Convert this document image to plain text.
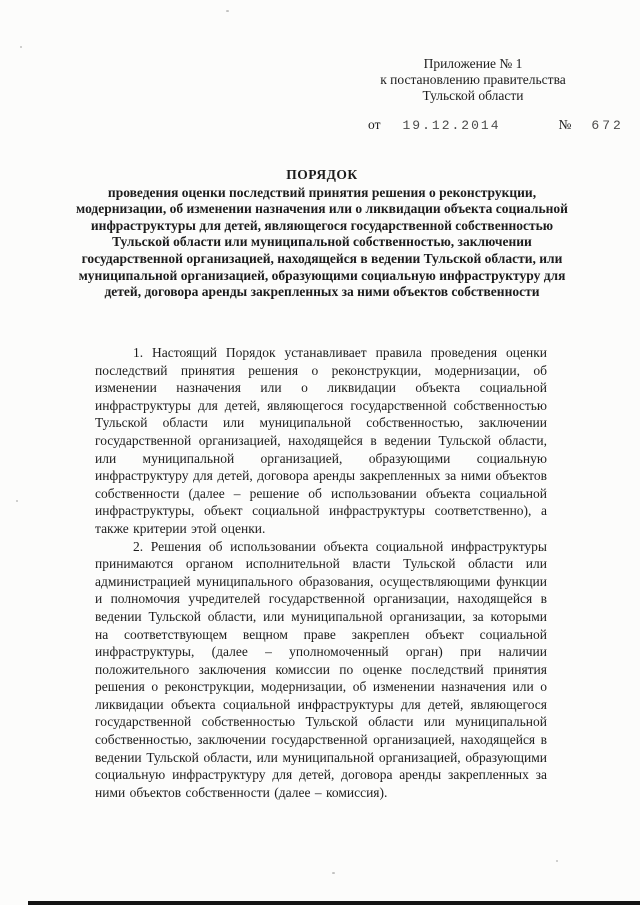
Приложение № 1
к постановлению правительства
Тульской области
от 19.12.2014	№ 672
ПОРЯДОК
проведения оценки последствий принятия решения о реконструкции, модернизации, об изменении назначения или о ликвидации объекта социальной инфраструктуры для детей, являющегося государственной собственностью Тульской области или муниципальной собственностью, заключении государственной организацией, находящейся в ведении Тульской области, или муниципальной организацией, образующими социальную инфраструктуру для детей, договора аренды закрепленных за ними объектов собственности

1. Настоящий Порядок устанавливает правила проведения оценки последствий принятия решения о реконструкции, модернизации, об изменении назначения или о ликвидации объекта социальной инфраструктуры для детей, являющегося государственной собственностью Тульской области или муниципальной собственностью, заключении государственной организацией, находящейся в ведении Тульской области, или муниципальной организацией, образующими социальную инфраструктуру для детей, договора аренды закрепленных за ними объектов собственности (далее – решение об использовании объекта социальной инфраструктуры, объект социальной инфраструктуры соответственно), а также критерии этой оценки.

2. Решения об использовании объекта социальной инфраструктуры принимаются органом исполнительной власти Тульской области или администрацией муниципального образования, осуществляющими функции и полномочия учредителей государственной организации, находящейся в ведении Тульской области, или муниципальной организации, за которыми на соответствующем вещном праве закреплен объект социальной инфраструктуры, (далее – уполномоченный орган) при наличии положительного заключения комиссии по оценке последствий принятия решения о реконструкции, модернизации, об изменении назначения или о ликвидации объекта социальной инфраструктуры для детей, являющегося государственной собственностью Тульской области или муниципальной собственностью, заключении государственной организацией, находящейся в ведении Тульской области, или муниципальной организацией, образующими социальную инфраструктуру для детей, договора аренды закрепленных за ними объектов собственности (далее – комиссия).
